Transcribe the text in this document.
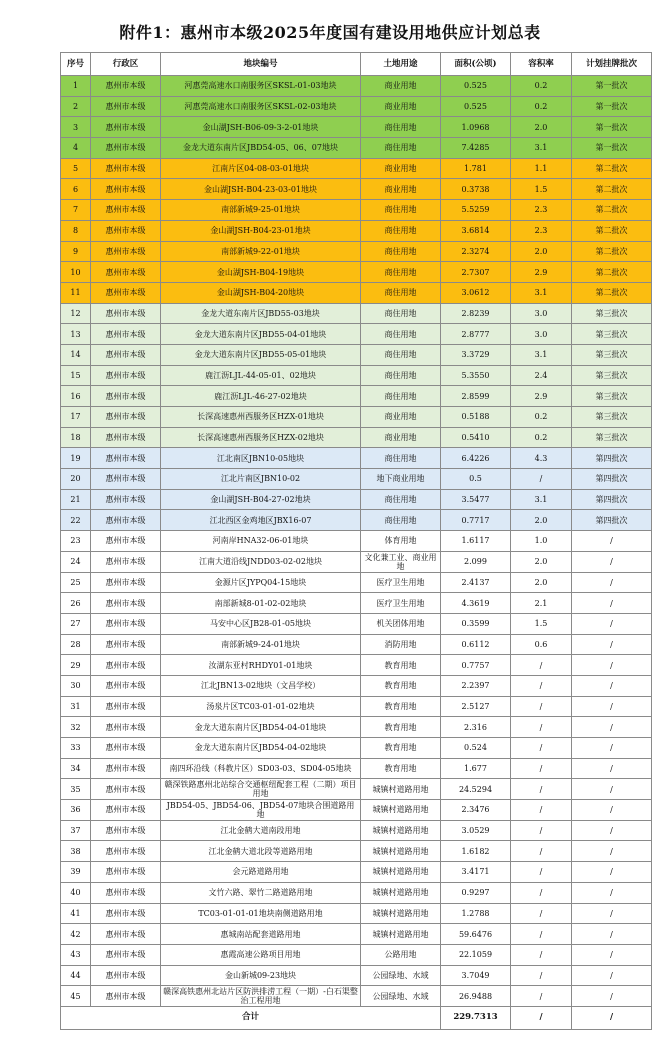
附件1：惠州市本级2025年度国有建设用地供应计划总表
序号	行政区	地块编号	土地用途	面积(公顷)	容积率	计划挂牌批次
1	惠州市本级	河惠莞高速水口南服务区SKSL-01-03地块	商业用地	0.525	0.2	第一批次
2	惠州市本级	河惠莞高速水口南服务区SKSL-02-03地块	商业用地	0.525	0.2	第一批次
3	惠州市本级	金山湖JSH-B06-09-3-2-01地块	商住用地	1.0968	2.0	第一批次
4	惠州市本级	金龙大道东南片区JBD54-05、06、07地块	商住用地	7.4285	3.1	第一批次
5	惠州市本级	江南片区04-08-03-01地块	商业用地	1.781	1.1	第二批次
6	惠州市本级	金山湖JSH-B04-23-03-01地块	商业用地	0.3738	1.5	第二批次
7	惠州市本级	南部新城9-25-01地块	商住用地	5.5259	2.3	第二批次
8	惠州市本级	金山湖JSH-B04-23-01地块	商住用地	3.6814	2.3	第二批次
9	惠州市本级	南部新城9-22-01地块	商住用地	2.3274	2.0	第二批次
10	惠州市本级	金山湖JSH-B04-19地块	商住用地	2.7307	2.9	第二批次
11	惠州市本级	金山湖JSH-B04-20地块	商住用地	3.0612	3.1	第二批次
12	惠州市本级	金龙大道东南片区JBD55-03地块	商住用地	2.8239	3.0	第三批次
13	惠州市本级	金龙大道东南片区JBD55-04-01地块	商住用地	2.8777	3.0	第三批次
14	惠州市本级	金龙大道东南片区JBD55-05-01地块	商住用地	3.3729	3.1	第三批次
15	惠州市本级	鹿江沥LJL-44-05-01、02地块	商住用地	5.3550	2.4	第三批次
16	惠州市本级	鹿江沥LJL-46-27-02地块	商住用地	2.8599	2.9	第三批次
17	惠州市本级	长深高速惠州西服务区HZX-01地块	商业用地	0.5188	0.2	第三批次
18	惠州市本级	长深高速惠州西服务区HZX-02地块	商业用地	0.5410	0.2	第三批次
19	惠州市本级	江北南区JBN10-05地块	商住用地	6.4226	4.3	第四批次
20	惠州市本级	江北片南区JBN10-02	地下商业用地	0.5	/	第四批次
21	惠州市本级	金山湖JSH-B04-27-02地块	商住用地	3.5477	3.1	第四批次
22	惠州市本级	江北西区金鸡地区JBX16-07	商住用地	0.7717	2.0	第四批次
23	惠州市本级	河南岸HNA32-06-01地块	体育用地	1.6117	1.0	/
24	惠州市本级	江南大道沿线JNDD03-02-02地块	文化兼工业、商业用地	2.099	2.0	/
25	惠州市本级	金源片区JYPQ04-15地块	医疗卫生用地	2.4137	2.0	/
26	惠州市本级	南部新城8-01-02-02地块	医疗卫生用地	4.3619	2.1	/
27	惠州市本级	马安中心区JB28-01-05地块	机关团体用地	0.3599	1.5	/
28	惠州市本级	南部新城9-24-01地块	消防用地	0.6112	0.6	/
29	惠州市本级	汝湖东亚村RHDY01-01地块	教育用地	0.7757	/	/
30	惠州市本级	江北JBN13-02地块（文昌学校）	教育用地	2.2397	/	/
31	惠州市本级	汤泉片区TC03-01-01-02地块	教育用地	2.5127	/	/
32	惠州市本级	金龙大道东南片区JBD54-04-01地块	教育用地	2.316	/	/
33	惠州市本级	金龙大道东南片区JBD54-04-02地块	教育用地	0.524	/	/
34	惠州市本级	南四环沿线（科教片区）SD03-03、SD04-05地块	教育用地	1.677	/	/
35	惠州市本级	赣深铁路惠州北站综合交通枢纽配套工程（二期）项目用地	城镇村道路用地	24.5294	/	/
36	惠州市本级	JBD54-05、JBD54-06、JBD54-07地块合围道路用地	城镇村道路用地	2.3476	/	/
37	惠州市本级	江北金鹤大道南段用地	城镇村道路用地	3.0529	/	/
38	惠州市本级	江北金鹤大道北段等道路用地	城镇村道路用地	1.6182	/	/
39	惠州市本级	会元路道路用地	城镇村道路用地	3.4171	/	/
40	惠州市本级	文竹六路、翠竹二路道路用地	城镇村道路用地	0.9297	/	/
41	惠州市本级	TC03-01-01-01地块南侧道路用地	城镇村道路用地	1.2788	/	/
42	惠州市本级	惠城南站配套道路用地	城镇村道路用地	59.6476	/	/
43	惠州市本级	惠霞高速公路项目用地	公路用地	22.1059	/	/
44	惠州市本级	金山新城09-23地块	公园绿地、水域	3.7049	/	/
45	惠州市本级	赣深高铁惠州北站片区防洪排涝工程（一期）-白石渠整治工程用地	公园绿地、水域	26.9488	/	/
合计				229.7313	/	/
